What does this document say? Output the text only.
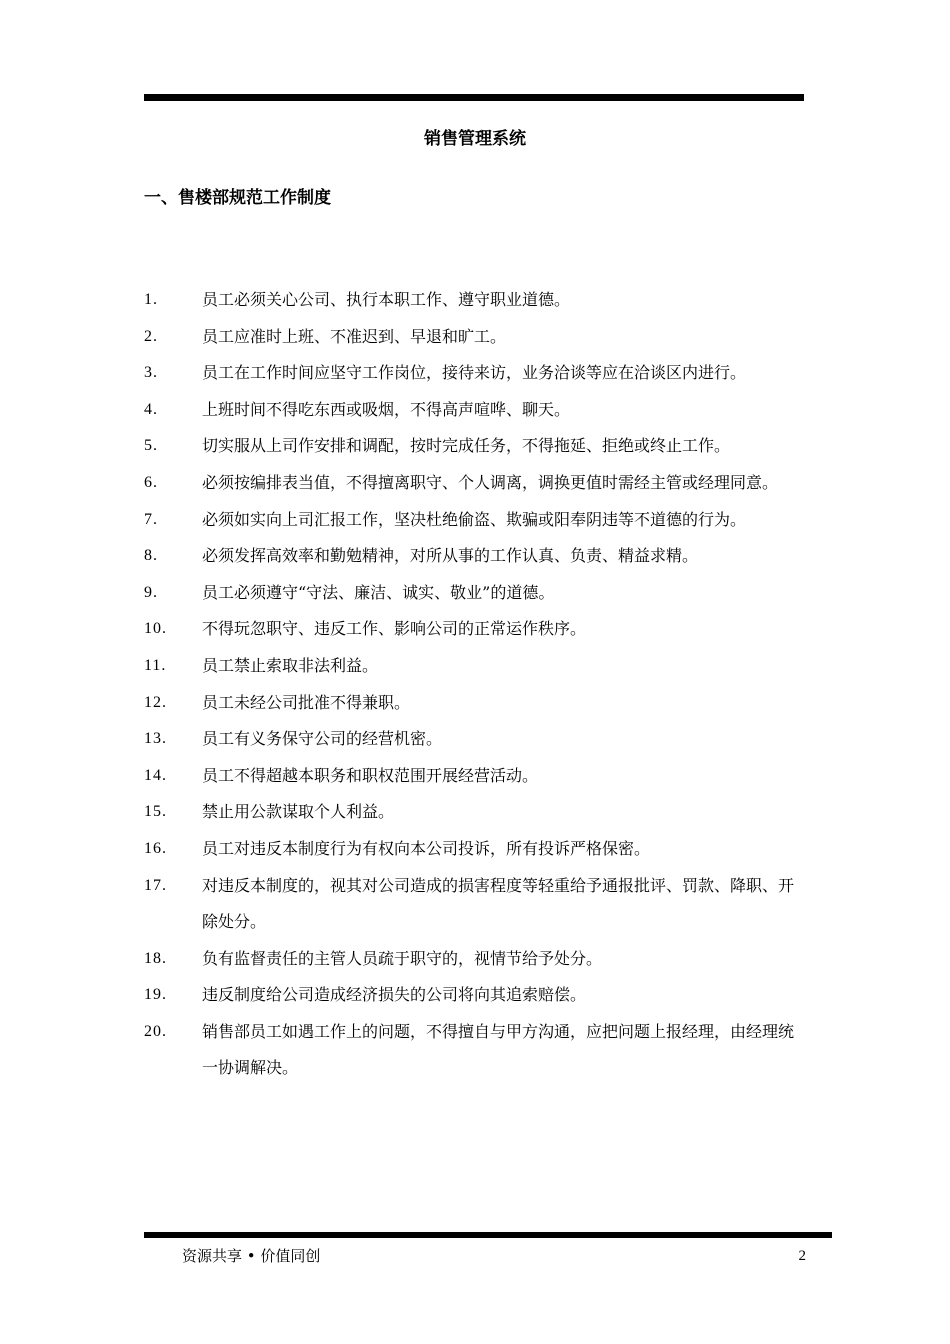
销售管理系统
一、售楼部规范工作制度
1.	员工必须关心公司、执行本职工作、遵守职业道德。
2.	员工应准时上班、不准迟到、早退和旷工。
3.	员工在工作时间应坚守工作岗位，接待来访，业务洽谈等应在洽谈区内进行。
4.	上班时间不得吃东西或吸烟，不得高声喧哗、聊天。
5.	切实服从上司作安排和调配，按时完成任务，不得拖延、拒绝或终止工作。
6.	必须按编排表当值，不得擅离职守、个人调离，调换更值时需经主管或经理同意。
7.	必须如实向上司汇报工作，坚决杜绝偷盗、欺骗或阳奉阴违等不道德的行为。
8.	必须发挥高效率和勤勉精神，对所从事的工作认真、负责、精益求精。
9.	员工必须遵守“守法、廉洁、诚实、敬业”的道德。
10. 不得玩忽职守、违反工作、影响公司的正常运作秩序。
11. 员工禁止索取非法利益。
12. 员工未经公司批准不得兼职。
13. 员工有义务保守公司的经营机密。
14. 员工不得超越本职务和职权范围开展经营活动。
15. 禁止用公款谋取个人利益。
16. 员工对违反本制度行为有权向本公司投诉，所有投诉严格保密。
17. 对违反本制度的，视其对公司造成的损害程度等轻重给予通报批评、罚款、降职、开除处分。
18. 负有监督责任的主管人员疏于职守的，视情节给予处分。
19. 违反制度给公司造成经济损失的公司将向其追索赔偿。
20. 销售部员工如遇工作上的问题，不得擅自与甲方沟通，应把问题上报经理，由经理统一协调解决。
资源共享 • 价值同创	2
